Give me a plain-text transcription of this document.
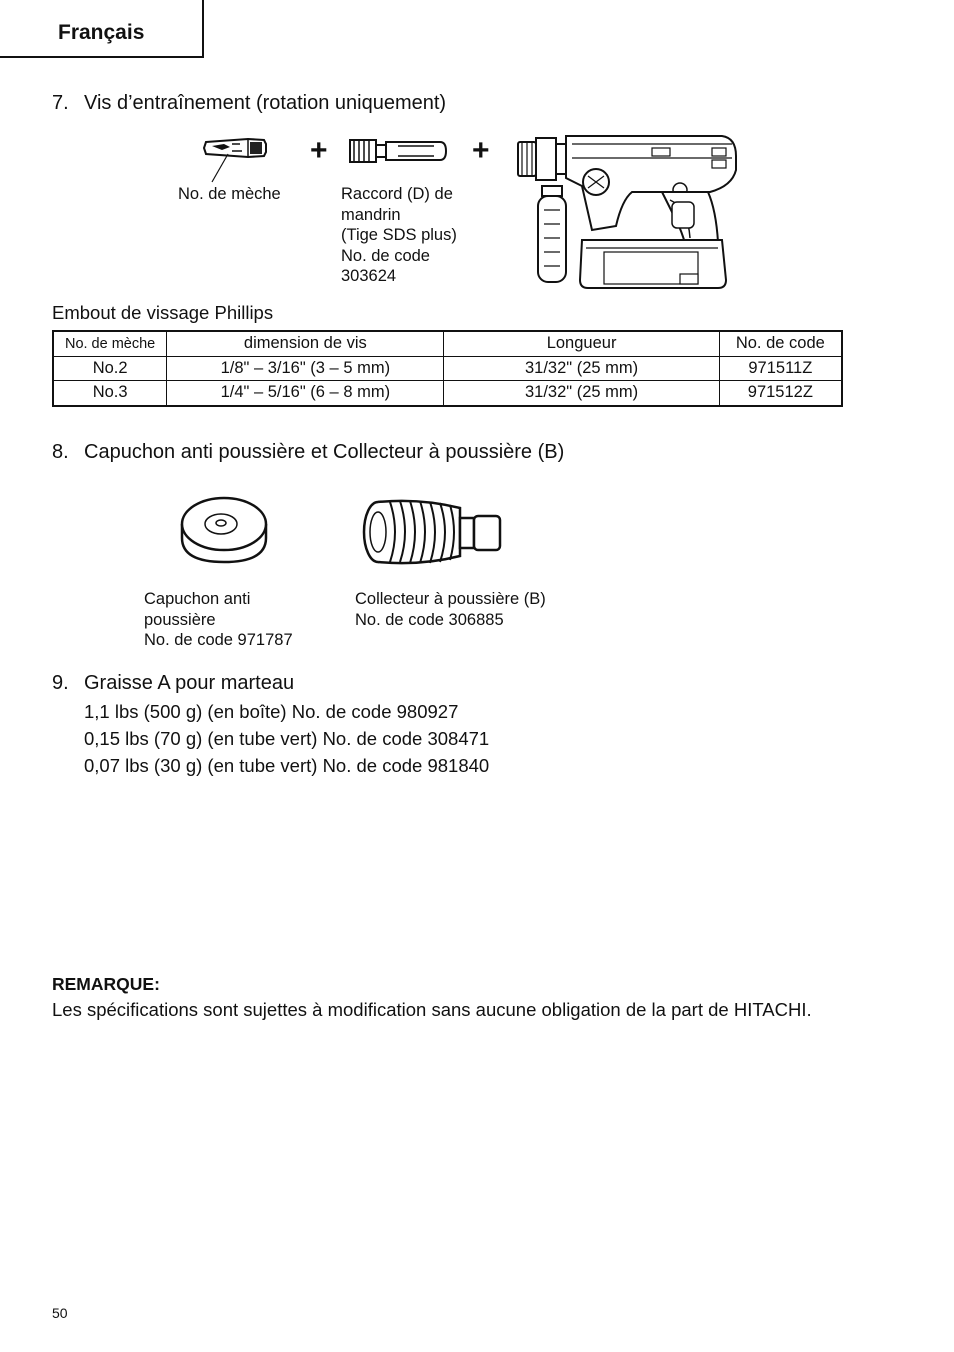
Français
7. Vis d’entraînement (rotation uniquement)
+	+
No. de mèche	Raccord (D) de
mandrin
(Tige SDS plus)
No. de code
303624
Embout de vissage Phillips
No. de mèche	dimension de vis	Longueur	No. de code
No.2	1/8" – 3/16" (3 – 5 mm)	31/32" (25 mm)	971511Z
No.3	1/4" – 5/16" (6 – 8 mm)	31/32" (25 mm)	971512Z
8. Capuchon anti poussière et Collecteur à poussière (B)
Capuchon anti
poussière
No. de code 971787
Collecteur à poussière (B)
No. de code 306885
9. Graisse A pour marteau
1,1 lbs (500 g) (en boîte) No. de code 980927
0,15 lbs (70 g) (en tube vert) No. de code 308471
0,07 lbs (30 g) (en tube vert) No. de code 981840
REMARQUE:
Les spécifications sont sujettes à modification sans aucune obligation de la part de HITACHI.
50
